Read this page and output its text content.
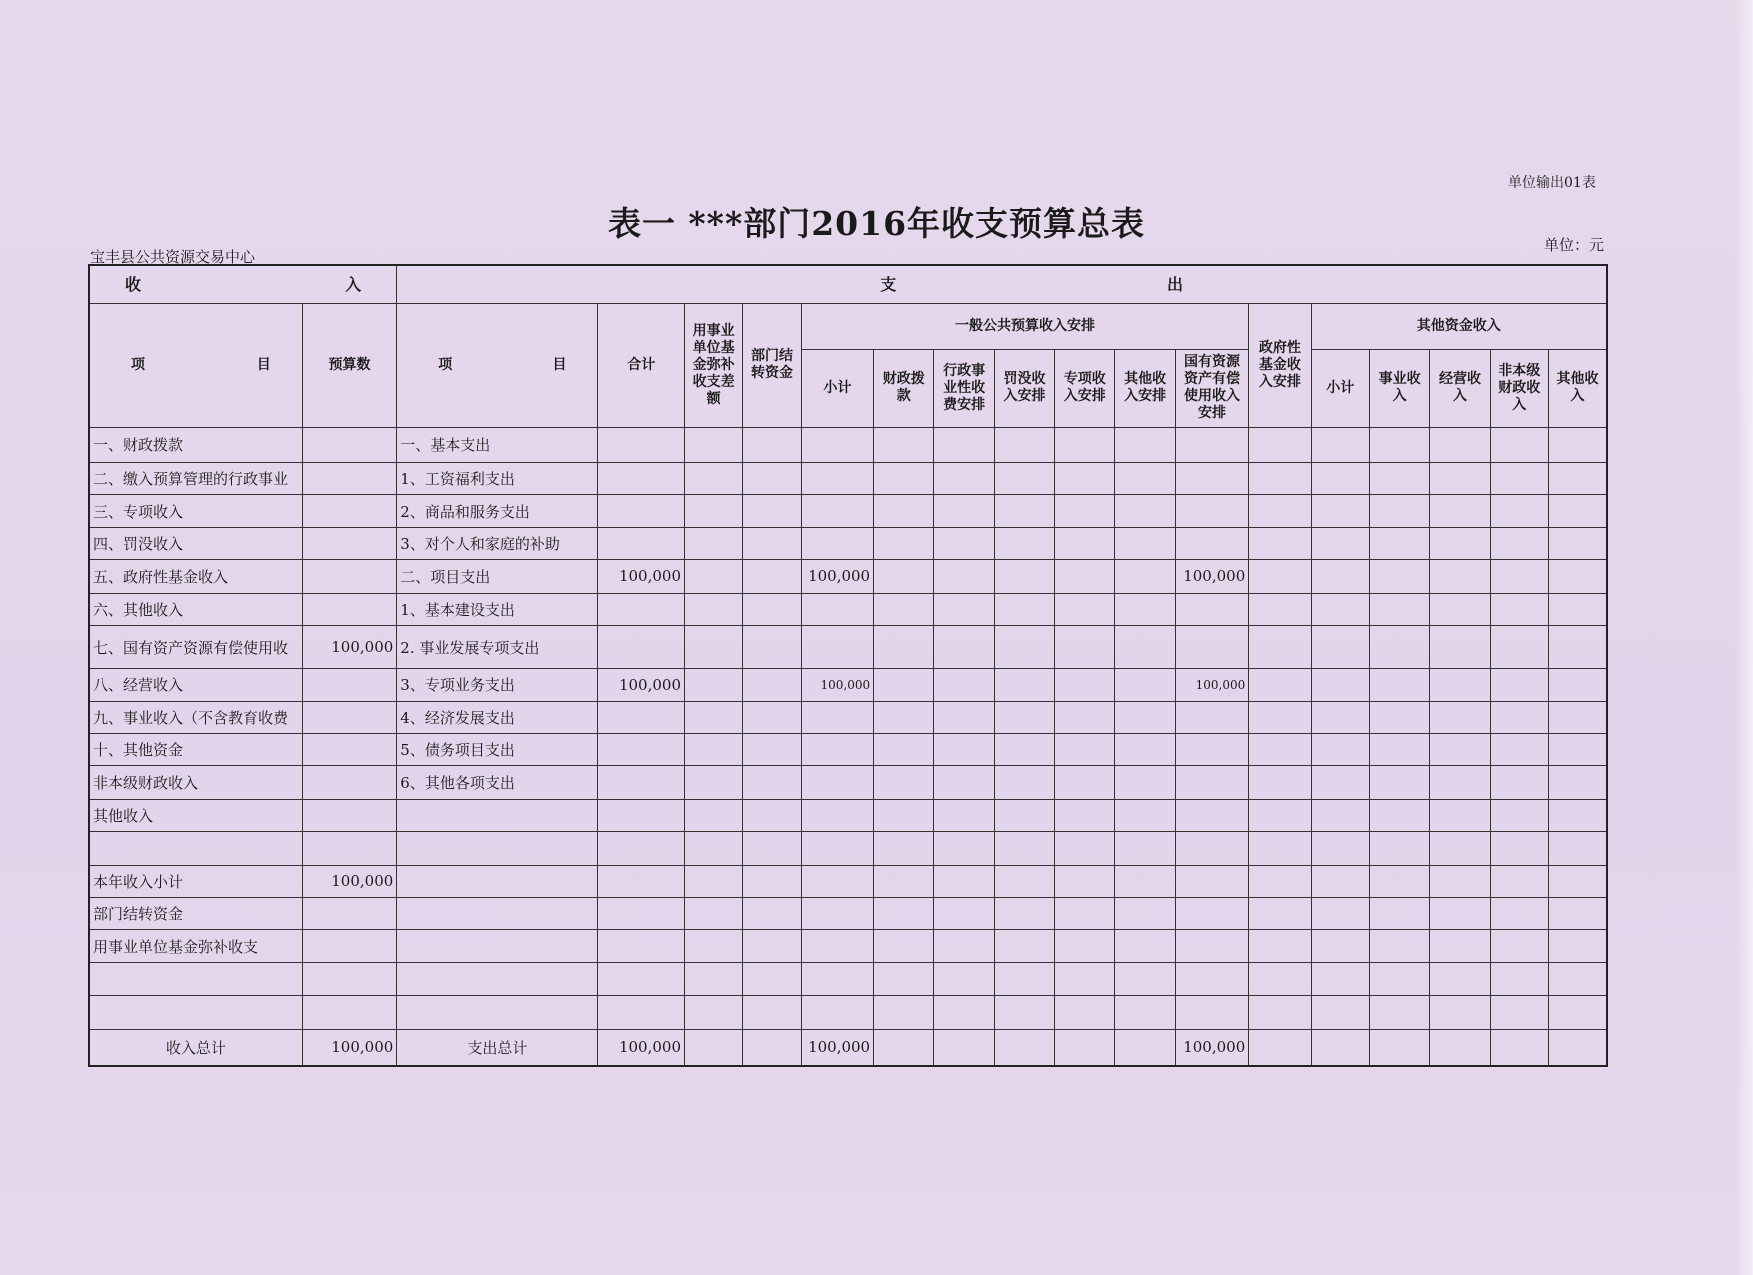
单位输出01表
表一 ***部门2016年收支预算总表
宝丰县公共资源交易中心
单位：元
收 入		支 出																

项 目	预算数	项 目	合计	用事业单位基金弥补收支差额	部门结转资金	一般公共预算收入安排							政府性基金收入安排	其他资金收入				
						小计	财政拨款	行政事业性收费安排	罚没收入安排	专项收入安排	其他收入安排	国有资源资产有偿使用收入安排		小计	事业收入	经营收入	非本级财政收入	其他收入
一、财政拨款		一、基本支出																
二、缴入预算管理的行政事业		1、工资福利支出																
三、专项收入		2、商品和服务支出																
四、罚没收入		3、对个人和家庭的补助																
五、政府性基金收入		二、项目支出	100,000			100,000						100,000						
六、其他收入		1、基本建设支出																
七、国有资产资源有偿使用收	100,000	2. 事业发展专项支出																
八、经营收入		3、专项业务支出	100,000			100,000						100,000						
九、事业收入（不含教育收费		4、经济发展支出																
十、其他资金		5、债务项目支出																
非本级财政收入		6、其他各项支出																
其他收入																		

本年收入小计	100,000																	
部门结转资金																		
用事业单位基金弥补收支																		

收入总计	100,000	支出总计	100,000			100,000						100,000						
